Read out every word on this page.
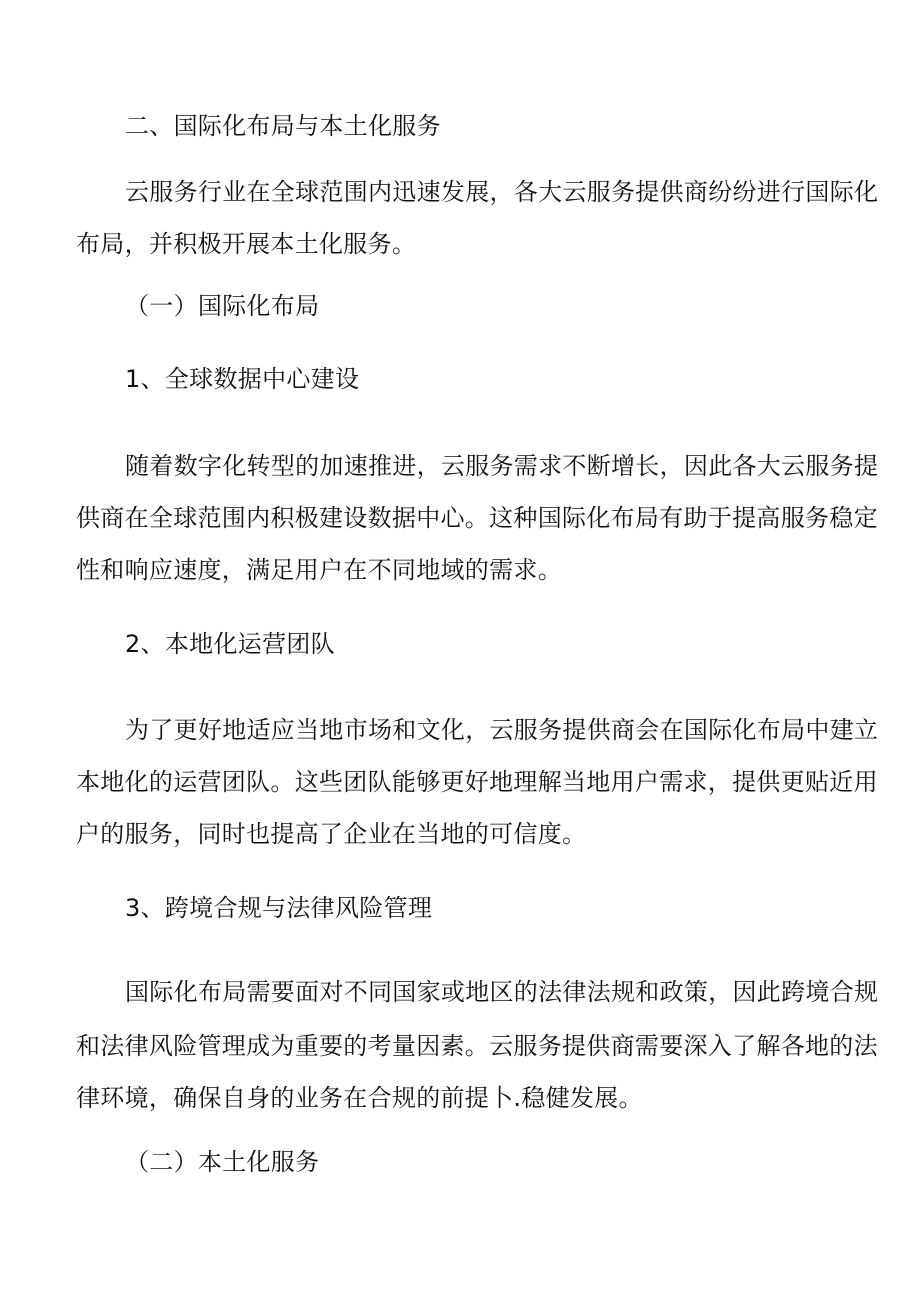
二、国际化布局与本土化服务
云服务行业在全球范围内迅速发展，各大云服务提供商纷纷进行国际化
布局，并积极开展本土化服务。
（一）国际化布局
1、全球数据中心建设
随着数字化转型的加速推进，云服务需求不断增长，因此各大云服务提
供商在全球范围内积极建设数据中心。这种国际化布局有助于提高服务稳定
性和响应速度，满足用户在不同地域的需求。
2、本地化运营团队
为了更好地适应当地市场和文化，云服务提供商会在国际化布局中建立
本地化的运营团队。这些团队能够更好地理解当地用户需求，提供更贴近用
户的服务，同时也提高了企业在当地的可信度。
3、跨境合规与法律风险管理
国际化布局需要面对不同国家或地区的法律法规和政策，因此跨境合规
和法律风险管理成为重要的考量因素。云服务提供商需要深入了解各地的法
律环境，确保自身的业务在合规的前提卜.稳健发展。
（二）本土化服务
